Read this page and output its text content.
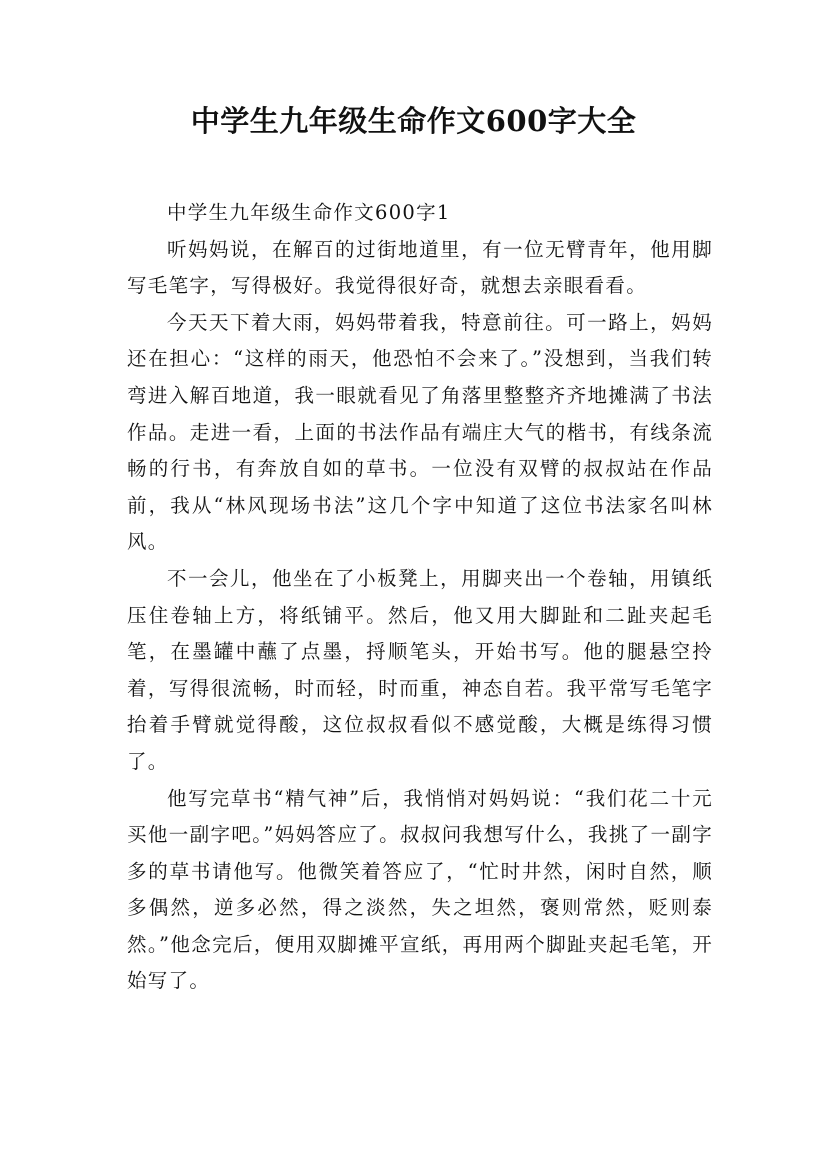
中学生九年级生命作文600字大全
中学生九年级生命作文600字1

听妈妈说，在解百的过街地道里，有一位无臂青年，他用脚写毛笔字，写得极好。我觉得很好奇，就想去亲眼看看。

今天天下着大雨，妈妈带着我，特意前往。可一路上，妈妈还在担心：“这样的雨天，他恐怕不会来了。”没想到，当我们转弯进入解百地道，我一眼就看见了角落里整整齐齐地摊满了书法作品。走进一看，上面的书法作品有端庄大气的楷书，有线条流畅的行书，有奔放自如的草书。一位没有双臂的叔叔站在作品前，我从“林风现场书法”这几个字中知道了这位书法家名叫林风。

不一会儿，他坐在了小板凳上，用脚夹出一个卷轴，用镇纸压住卷轴上方，将纸铺平。然后，他又用大脚趾和二趾夹起毛笔，在墨罐中蘸了点墨，捋顺笔头，开始书写。他的腿悬空拎着，写得很流畅，时而轻，时而重，神态自若。我平常写毛笔字抬着手臂就觉得酸，这位叔叔看似不感觉酸，大概是练得习惯了。

他写完草书“精气神”后，我悄悄对妈妈说：“我们花二十元买他一副字吧。”妈妈答应了。叔叔问我想写什么，我挑了一副字多的草书请他写。他微笑着答应了，“忙时井然，闲时自然，顺多偶然，逆多必然，得之淡然，失之坦然，褒则常然，贬则泰然。”他念完后，便用双脚摊平宣纸，再用两个脚趾夹起毛笔，开始写了。
